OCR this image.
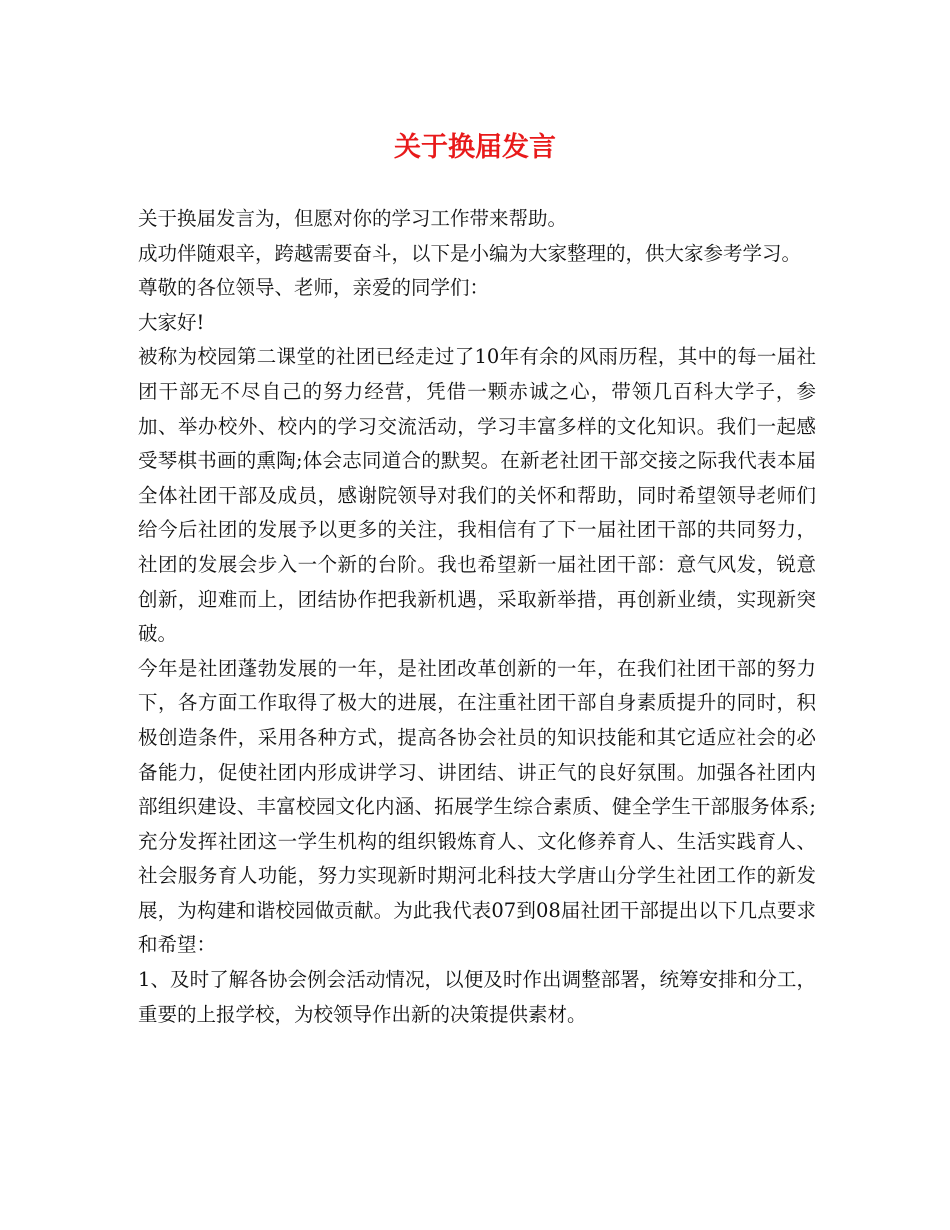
关于换届发言

关于换届发言为，但愿对你的学习工作带来帮助。

成功伴随艰辛，跨越需要奋斗，以下是小编为大家整理的，供大家参考学习。

尊敬的各位领导、老师，亲爱的同学们：

大家好!

被称为校园第二课堂的社团已经走过了10年有余的风雨历程，其中的每一届社团干部无不尽自己的努力经营，凭借一颗赤诚之心，带领几百科大学子，参加、举办校外、校内的学习交流活动，学习丰富多样的文化知识。我们一起感受琴棋书画的熏陶;体会志同道合的默契。在新老社团干部交接之际我代表本届全体社团干部及成员，感谢院领导对我们的关怀和帮助，同时希望领导老师们给今后社团的发展予以更多的关注，我相信有了下一届社团干部的共同努力，社团的发展会步入一个新的台阶。我也希望新一届社团干部：意气风发，锐意创新，迎难而上，团结协作把我新机遇，采取新举措，再创新业绩，实现新突破。

今年是社团蓬勃发展的一年，是社团改革创新的一年，在我们社团干部的努力下，各方面工作取得了极大的进展，在注重社团干部自身素质提升的同时，积极创造条件，采用各种方式，提高各协会社员的知识技能和其它适应社会的必备能力，促使社团内形成讲学习、讲团结、讲正气的良好氛围。加强各社团内部组织建设、丰富校园文化内涵、拓展学生综合素质、健全学生干部服务体系;充分发挥社团这一学生机构的组织锻炼育人、文化修养育人、生活实践育人、社会服务育人功能，努力实现新时期河北科技大学唐山分学生社团工作的新发展，为构建和谐校园做贡献。为此我代表07到08届社团干部提出以下几点要求和希望：

1、及时了解各协会例会活动情况，以便及时作出调整部署，统筹安排和分工，重要的上报学校，为校领导作出新的决策提供素材。
